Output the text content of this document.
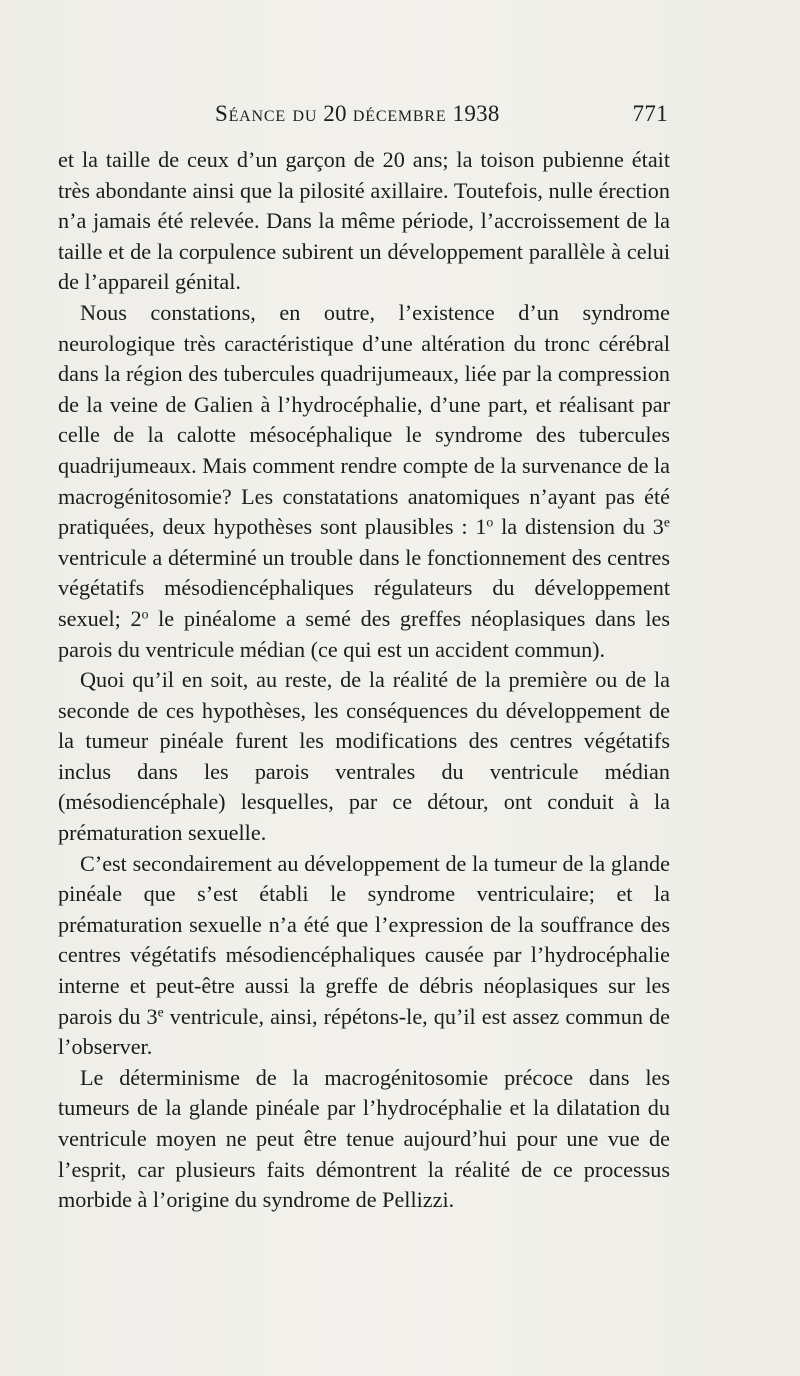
Séance du 20 décembre 1938	771

et la taille de ceux d’un garçon de 20 ans; la toison pubienne était très abondante ainsi que la pilosité axillaire. Toutefois, nulle érection n’a jamais été relevée. Dans la même période, l’accroissement de la taille et de la corpulence subirent un développement parallèle à celui de l’appareil génital.

Nous constations, en outre, l’existence d’un syndrome neurologique très caractéristique d’une altération du tronc cérébral dans la région des tubercules quadrijumeaux, liée par la compression de la veine de Galien à l’hydrocéphalie, d’une part, et réalisant par celle de la calotte mésocéphalique le syndrome des tubercules quadrijumeaux. Mais comment rendre compte de la survenance de la macrogénitosomie? Les constatations anatomiques n’ayant pas été pratiquées, deux hypothèses sont plausibles : 1$^o$ la distension du 3e ventricule a déterminé un trouble dans le fonctionnement des centres végétatifs mésodiencéphaliques régulateurs du développement sexuel; 2$^o$ le pinéalome a semé des greffes néoplasiques dans les parois du ventricule médian (ce qui est un accident commun).

Quoi qu’il en soit, au reste, de la réalité de la première ou de la seconde de ces hypothèses, les conséquences du développement de la tumeur pinéale furent les modifications des centres végétatifs inclus dans les parois ventrales du ventricule médian (mésodiencéphale) lesquelles, par ce détour, ont conduit à la prématuration sexuelle.

C’est secondairement au développement de la tumeur de la glande pinéale que s’est établi le syndrome ventriculaire; et la prématuration sexuelle n’a été que l’expression de la souffrance des centres végétatifs mésodiencéphaliques causée par l’hydrocéphalie interne et peut-être aussi la greffe de débris néoplasiques sur les parois du 3e ventricule, ainsi, répétons-le, qu’il est assez commun de l’observer.

Le déterminisme de la macrogénitosomie précoce dans les tumeurs de la glande pinéale par l’hydrocéphalie et la dilatation du ventricule moyen ne peut être tenue aujourd’hui pour une vue de l’esprit, car plusieurs faits démontrent la réalité de ce processus morbide à l’origine du syndrome de Pellizzi.
